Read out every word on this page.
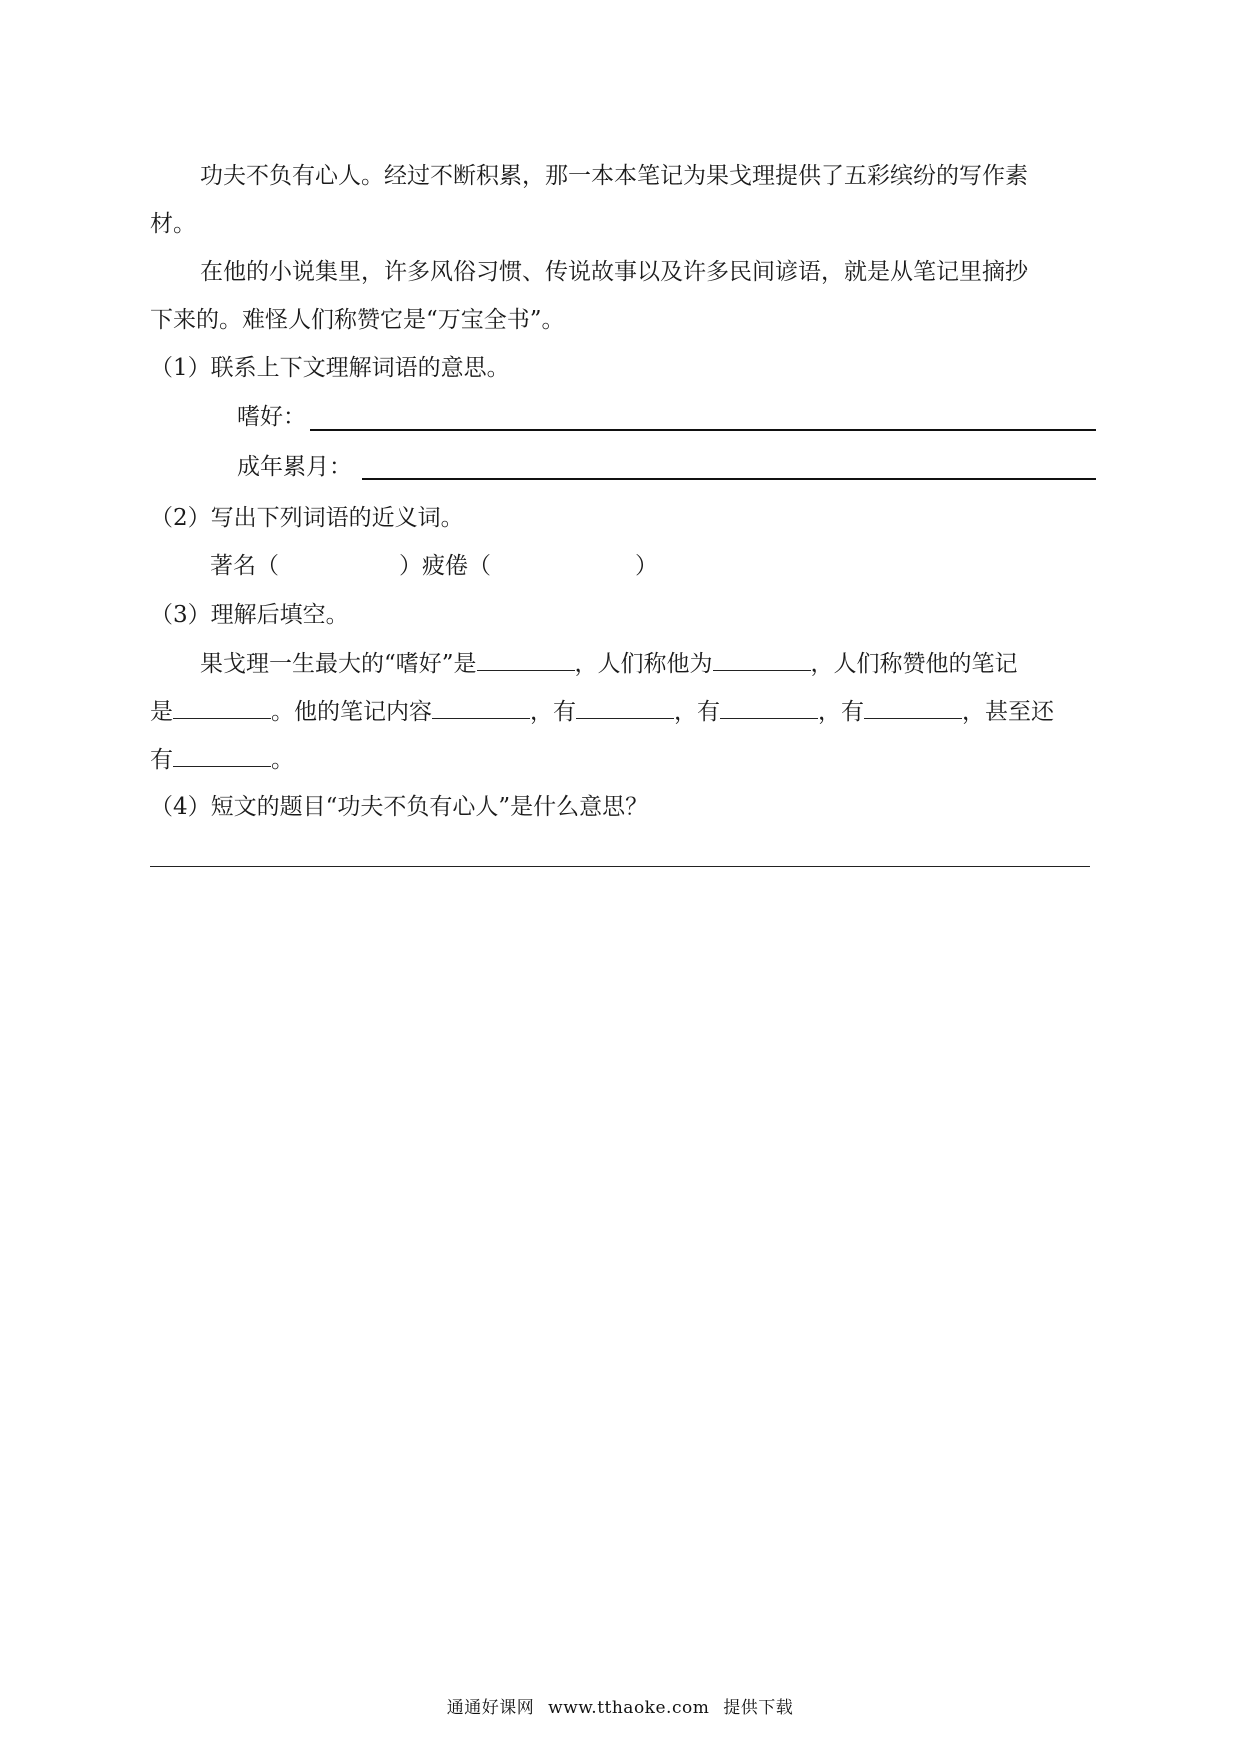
功夫不负有心人。经过不断积累，那一本本笔记为果戈理提供了五彩缤纷的写作素
材。
在他的小说集里，许多风俗习惯、传说故事以及许多民间谚语，就是从笔记里摘抄
下来的。难怪人们称赞它是“万宝全书”。
（1）联系上下文理解词语的意思。
嗜好：
成年累月：
（2）写出下列词语的近义词。
著名（	）疲倦（	）
（3）理解后填空。
果戈理一生最大的“嗜好”是	，人们称他为	，人们称赞他的笔记
是	。他的笔记内容	，有	，有	，有	，甚至还
有	。
（4）短文的题目“功夫不负有心人”是什么意思？
通通好课网 www.tthaoke.com 提供下载
